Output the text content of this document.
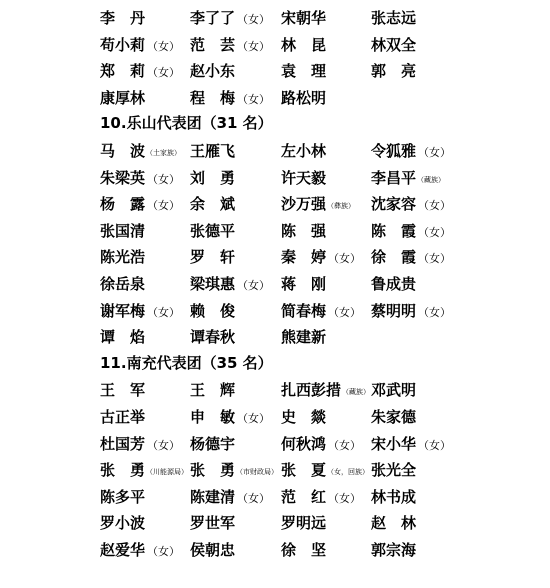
李　丹	李了了 （女） 宋朝华	张志远
苟小莉 （女） 范　芸 （女） 林　昆	林双全
郑　莉 （女） 赵小东	袁　理	郭　亮
康厚林	程　梅 （女） 路松明
10.乐山代表团（31 名）
马　波（土家族） 王雁飞	左小林	令狐雅 （女）
朱梁英 （女） 刘　勇	许天毅	李昌平（藏族）
杨　露 （女） 余　斌	沙万强（彝族） 沈家容 （女）
张国清	张德平	陈　强	陈　霞 （女）
陈光浩	罗　轩	秦　婷 （女） 徐　霞 （女）
徐岳泉	梁琪惠 （女） 蒋　刚	鲁成贵
谢军梅 （女） 赖　俊	简春梅 （女） 蔡明明 （女）
谭　焰	谭春秋	熊建新
11.南充代表团（35 名）
王　军	王　辉	扎西彭措（藏族） 邓武明
古正举	申　敏 （女） 史　燚	朱家德
杜国芳 （女） 杨德宇	何秋鸿 （女） 宋小华 （女）
张　勇（川能源局） 张　勇（市财政局） 张　夏（女，回族） 张光全
陈多平	陈建清 （女） 范　红 （女） 林书成
罗小波	罗世军	罗明远	赵　林
赵爱华 （女） 侯朝忠	徐　坚	郭宗海
